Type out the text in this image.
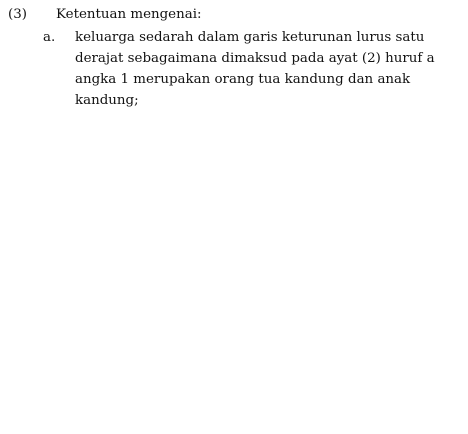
(3) Ketentuan mengenai:
a. keluarga sedarah dalam garis keturunan lurus satu
derajat sebagaimana dimaksud pada ayat (2) huruf a
angka 1 merupakan orang tua kandung dan anak
kandung;
